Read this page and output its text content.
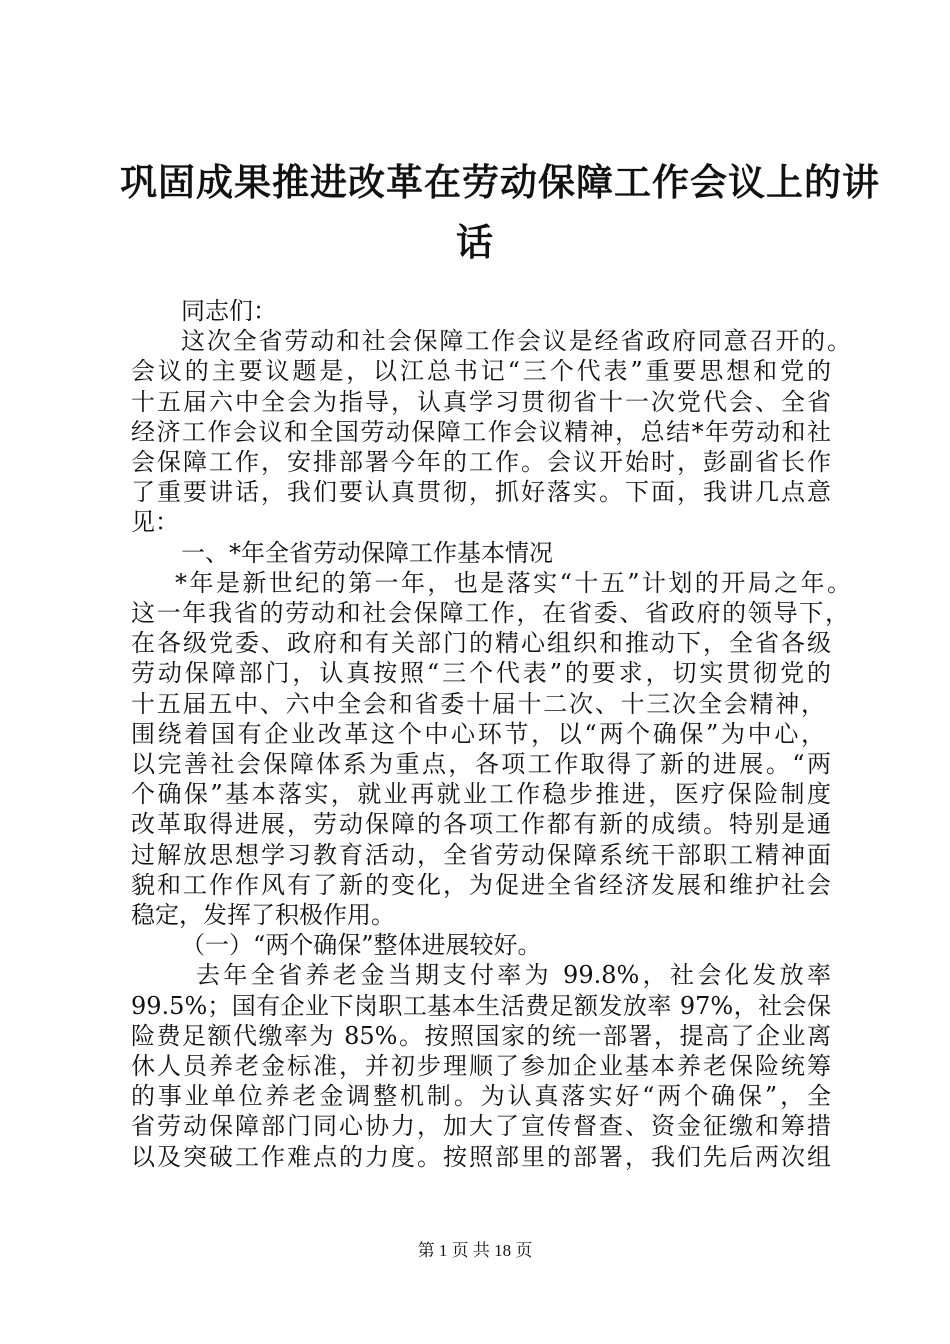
巩固成果推进改革在劳动保障工作会议上的讲
话
同志们：
这次全省劳动和社会保障工作会议是经省政府同意召开的。
会议的主要议题是，以江总书记“三个代表”重要思想和党的
十五届六中全会为指导，认真学习贯彻省十一次党代会、全省
经济工作会议和全国劳动保障工作会议精神，总结*年劳动和社
会保障工作，安排部署今年的工作。会议开始时，彭副省长作
了重要讲话，我们要认真贯彻，抓好落实。下面，我讲几点意
见：
一、*年全省劳动保障工作基本情况
*年是新世纪的第一年，也是落实“十五”计划的开局之年。
这一年我省的劳动和社会保障工作，在省委、省政府的领导下，
在各级党委、政府和有关部门的精心组织和推动下，全省各级
劳动保障部门，认真按照“三个代表”的要求，切实贯彻党的
十五届五中、六中全会和省委十届十二次、十三次全会精神，
围绕着国有企业改革这个中心环节，以“两个确保”为中心，
以完善社会保障体系为重点，各项工作取得了新的进展。“两
个确保”基本落实，就业再就业工作稳步推进，医疗保险制度
改革取得进展，劳动保障的各项工作都有新的成绩。特别是通
过解放思想学习教育活动，全省劳动保障系统干部职工精神面
貌和工作作风有了新的变化，为促进全省经济发展和维护社会
稳定，发挥了积极作用。
（一）“两个确保”整体进展较好。
去年全省养老金当期支付率为 99.8%，社会化发放率
99.5%；国有企业下岗职工基本生活费足额发放率 97%，社会保
险费足额代缴率为 85%。按照国家的统一部署，提高了企业离
休人员养老金标准，并初步理顺了参加企业基本养老保险统筹
的事业单位养老金调整机制。为认真落实好“两个确保”，全
省劳动保障部门同心协力，加大了宣传督查、资金征缴和筹措
以及突破工作难点的力度。按照部里的部署，我们先后两次组
第 1 页 共 18 页
